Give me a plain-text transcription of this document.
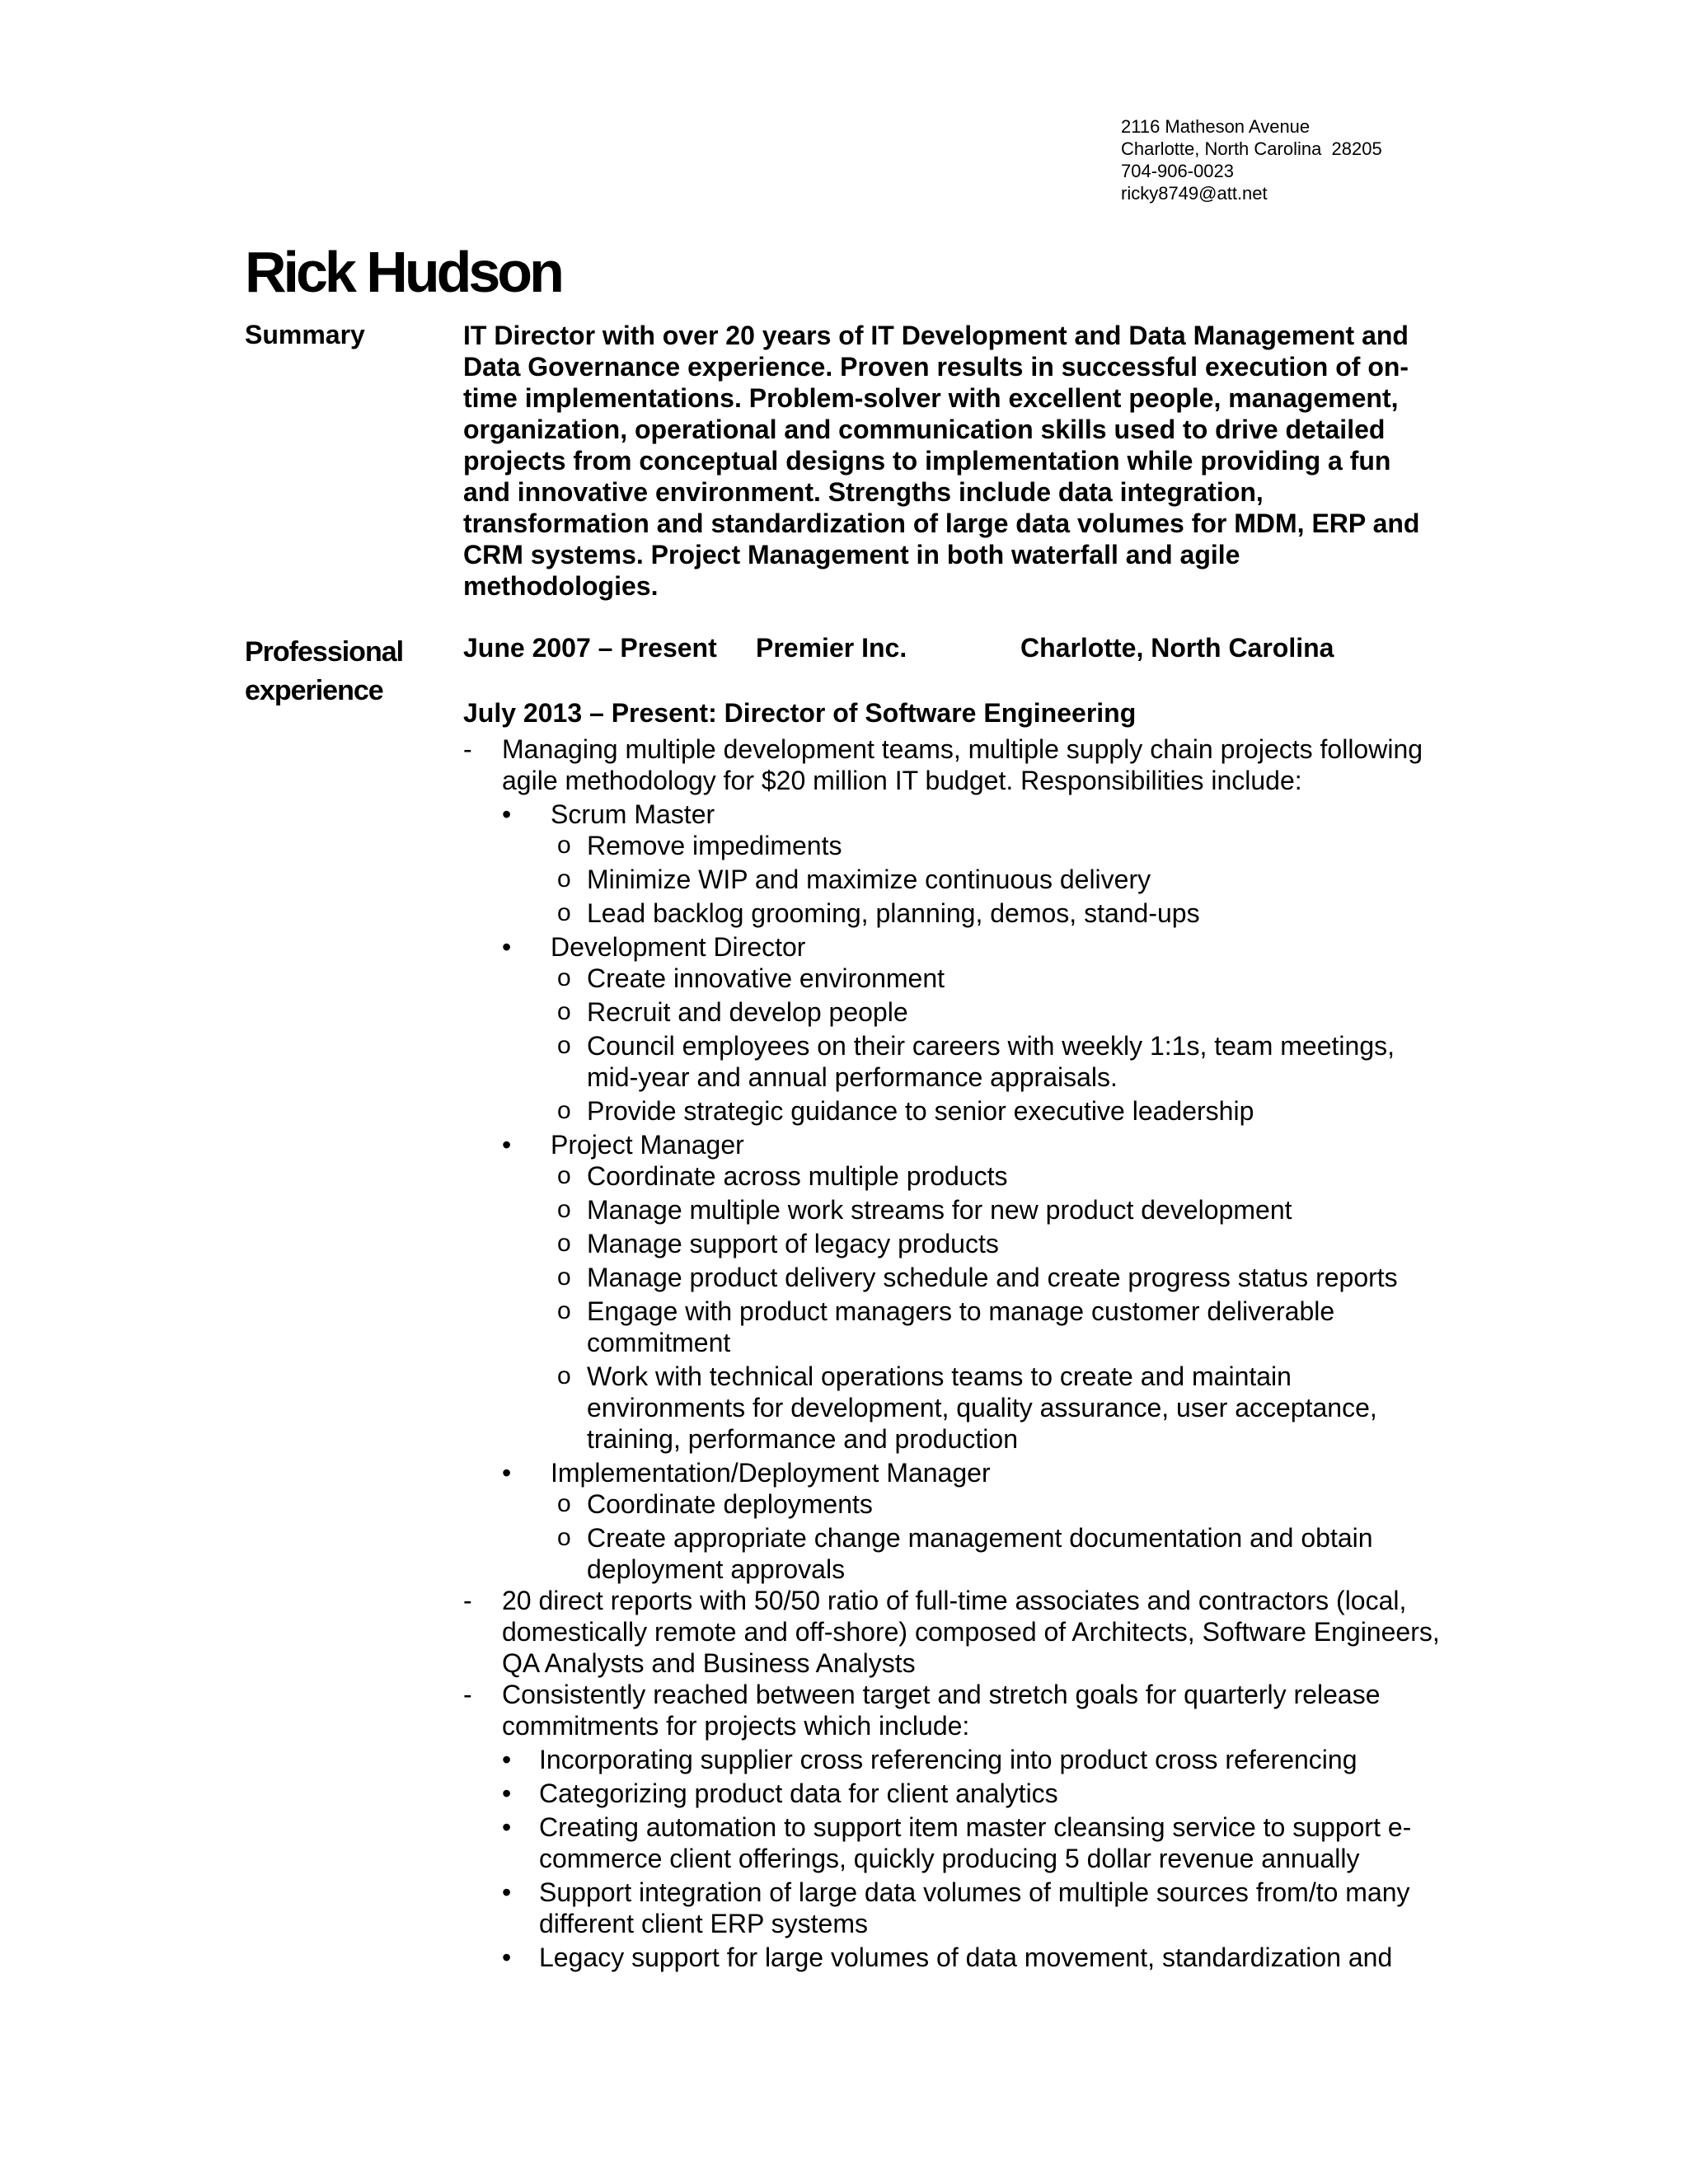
2116 Matheson Avenue
Charlotte, North Carolina  28205
704-906-0023
ricky8749@att.net
Rick Hudson
Summary	IT Director with over 20 years of IT Development and Data Management and Data Governance experience. Proven results in successful execution of on-time implementations. Problem-solver with excellent people, management, organization, operational and communication skills used to drive detailed projects from conceptual designs to implementation while providing a fun and innovative environment. Strengths include data integration, transformation and standardization of large data volumes for MDM, ERP and CRM systems. Project Management in both waterfall and agile methodologies.

Professional
experience
June 2007 – Present Premier Inc.	Charlotte, North Carolina

July 2013 – Present: Director of Software Engineering

- Managing multiple development teams, multiple supply chain projects following agile methodology for $20 million IT budget. Responsibilities include:
• Scrum Master
o Remove impediments
o Minimize WIP and maximize continuous delivery
o Lead backlog grooming, planning, demos, stand-ups
• Development Director
o Create innovative environment
o Recruit and develop people
o Council employees on their careers with weekly 1:1s, team meetings, mid-year and annual performance appraisals.
o Provide strategic guidance to senior executive leadership
• Project Manager
o Coordinate across multiple products
o Manage multiple work streams for new product development
o Manage support of legacy products
o Manage product delivery schedule and create progress status reports
o Engage with product managers to manage customer deliverable commitment
o Work with technical operations teams to create and maintain environments for development, quality assurance, user acceptance, training, performance and production
• Implementation/Deployment Manager
o Coordinate deployments
o Create appropriate change management documentation and obtain deployment approvals
- 20 direct reports with 50/50 ratio of full-time associates and contractors (local, domestically remote and off-shore) composed of Architects, Software Engineers, QA Analysts and Business Analysts
- Consistently reached between target and stretch goals for quarterly release commitments for projects which include:
• Incorporating supplier cross referencing into product cross referencing
• Categorizing product data for client analytics
• Creating automation to support item master cleansing service to support e-commerce client offerings, quickly producing 5 dollar revenue annually
• Support integration of large data volumes of multiple sources from/to many different client ERP systems
• Legacy support for large volumes of data movement, standardization and
